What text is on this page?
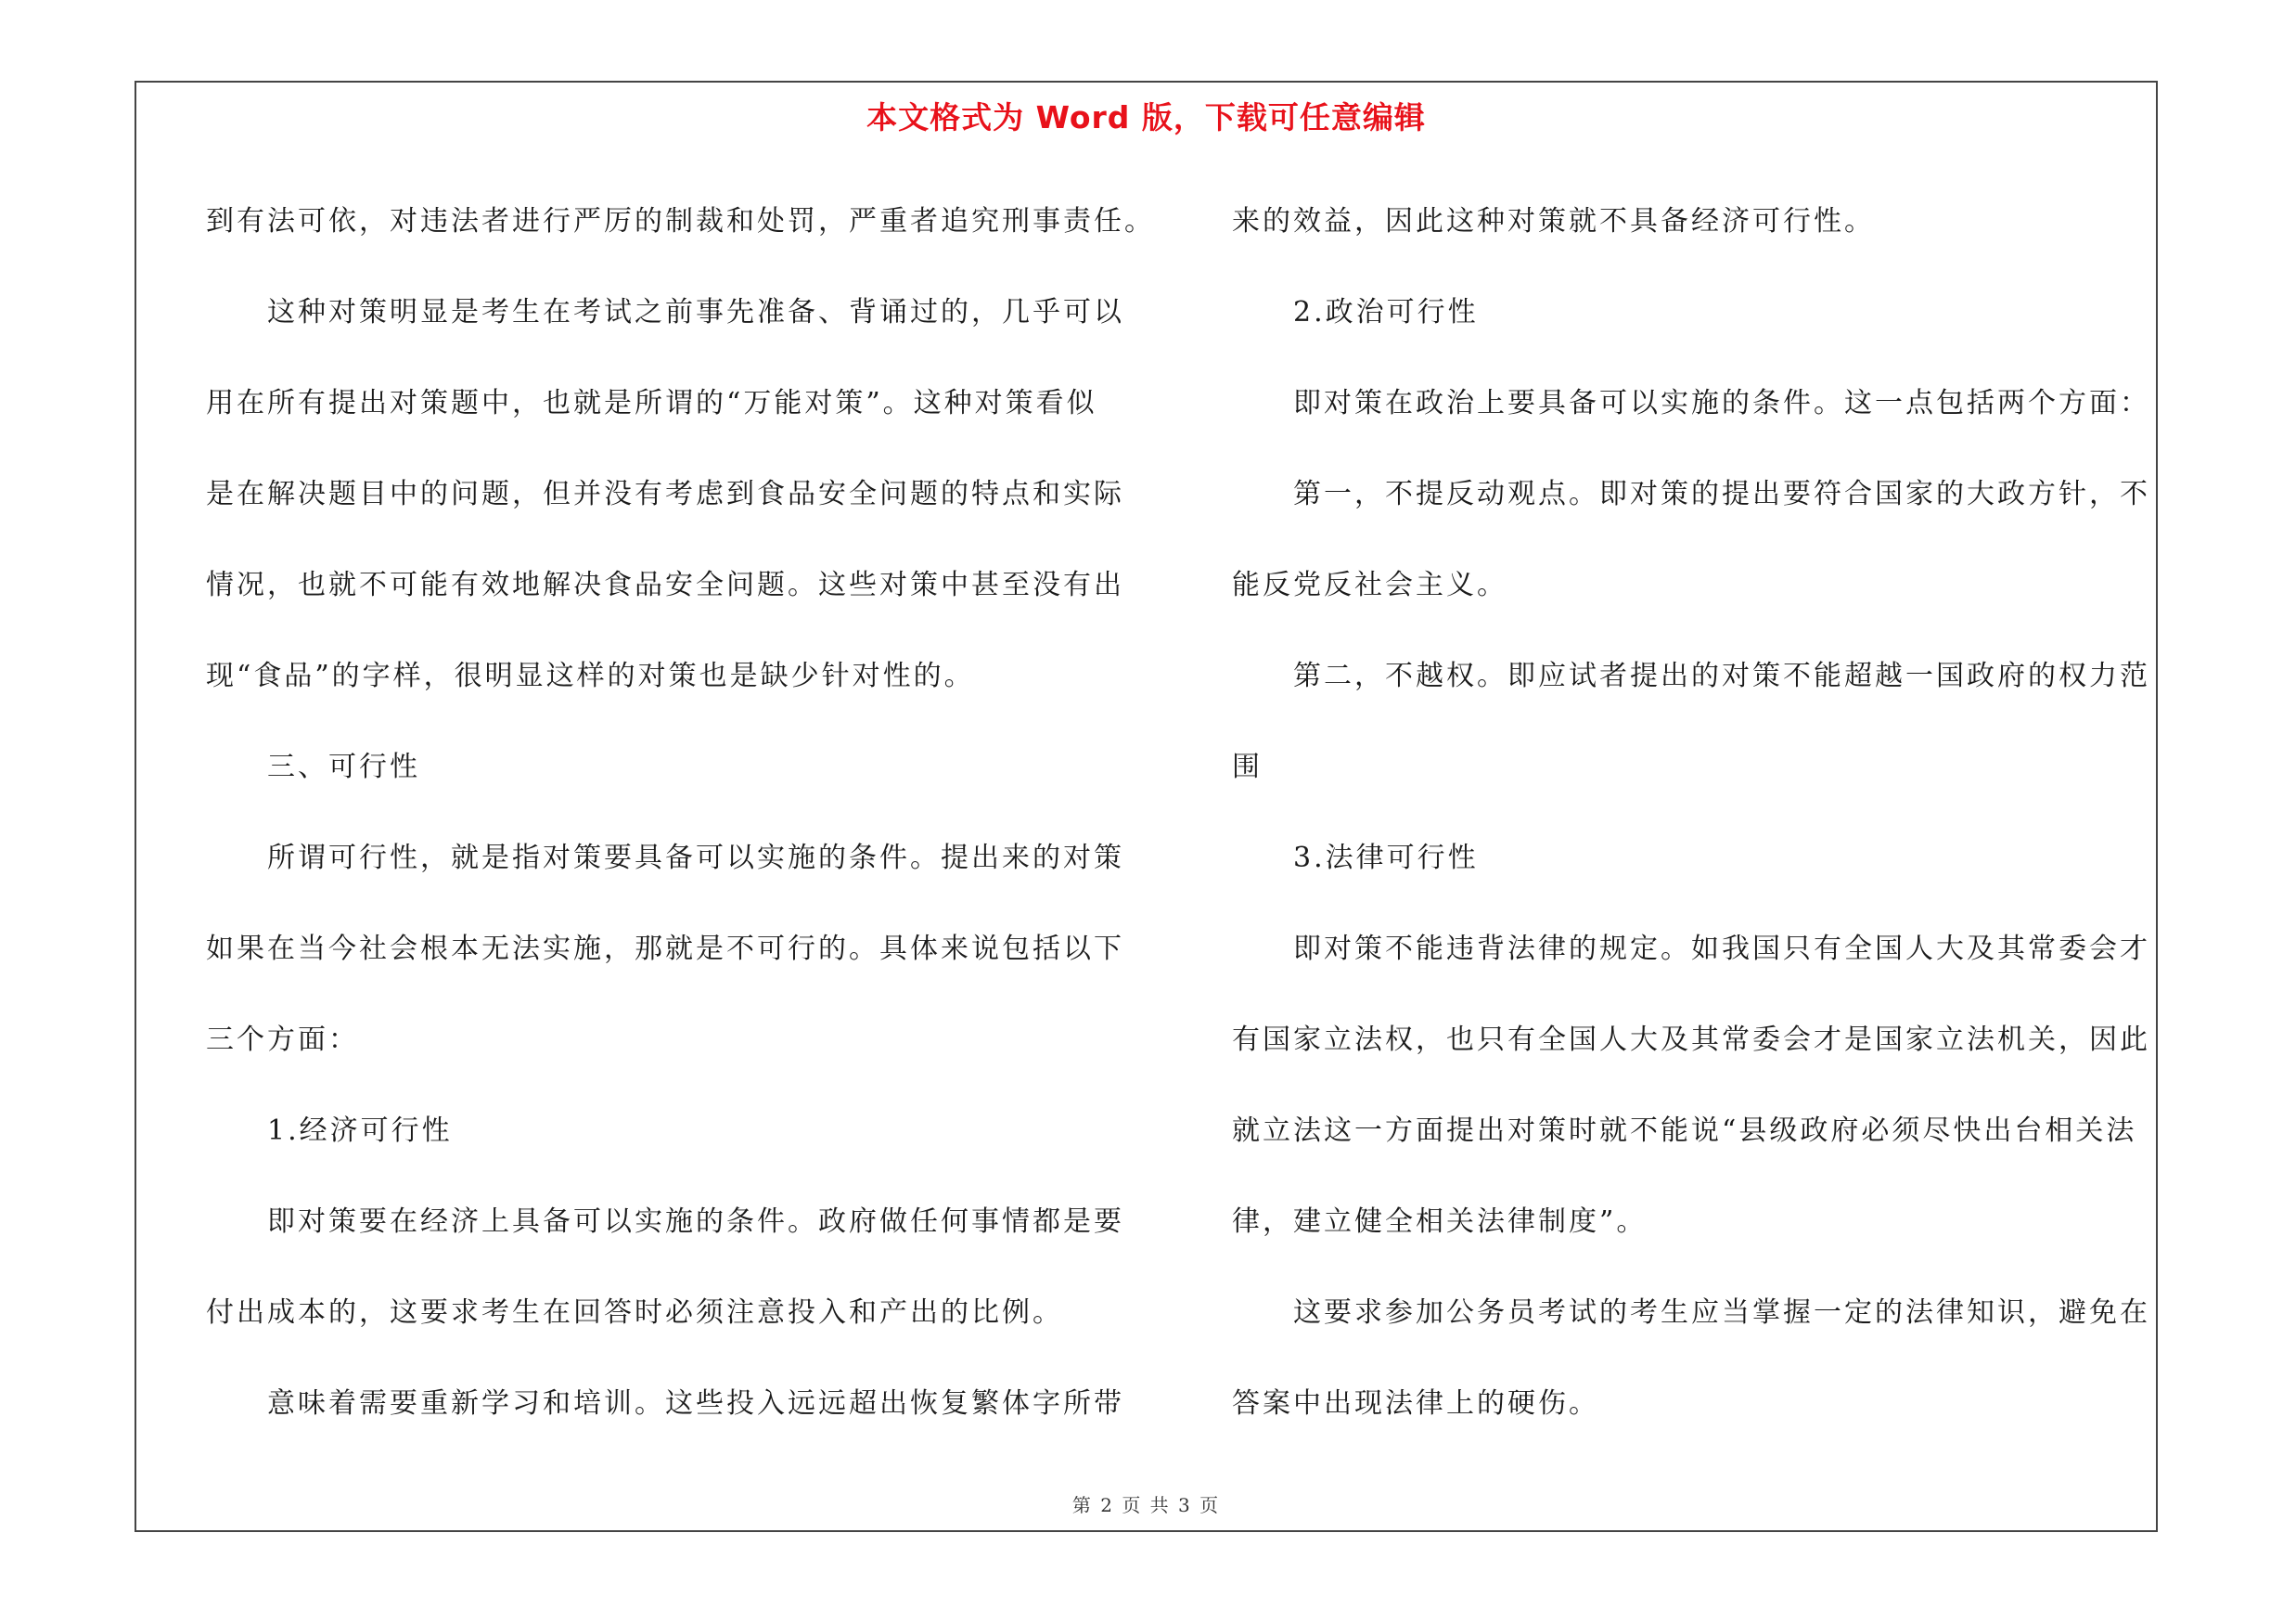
本文格式为 Word 版，下载可任意编辑
第 2 页 共 3 页
到有法可依，对违法者进行严厉的制裁和处罚，严重者追究刑事责任。
这种对策明显是考生在考试之前事先准备、背诵过的，几乎可以
用在所有提出对策题中，也就是所谓的“万能对策”。这种对策看似
是在解决题目中的问题，但并没有考虑到食品安全问题的特点和实际
情况，也就不可能有效地解决食品安全问题。这些对策中甚至没有出
现“食品”的字样，很明显这样的对策也是缺少针对性的。
三、可行性
所谓可行性，就是指对策要具备可以实施的条件。提出来的对策
如果在当今社会根本无法实施，那就是不可行的。具体来说包括以下
三个方面：
1.经济可行性
即对策要在经济上具备可以实施的条件。政府做任何事情都是要
付出成本的，这要求考生在回答时必须注意投入和产出的比例。
意味着需要重新学习和培训。这些投入远远超出恢复繁体字所带
来的效益，因此这种对策就不具备经济可行性。
2.政治可行性
即对策在政治上要具备可以实施的条件。这一点包括两个方面：
第一，不提反动观点。即对策的提出要符合国家的大政方针，不
能反党反社会主义。
第二，不越权。即应试者提出的对策不能超越一国政府的权力范
围
3.法律可行性
即对策不能违背法律的规定。如我国只有全国人大及其常委会才
有国家立法权，也只有全国人大及其常委会才是国家立法机关，因此
就立法这一方面提出对策时就不能说“县级政府必须尽快出台相关法
律，建立健全相关法律制度”。
这要求参加公务员考试的考生应当掌握一定的法律知识，避免在
答案中出现法律上的硬伤。
